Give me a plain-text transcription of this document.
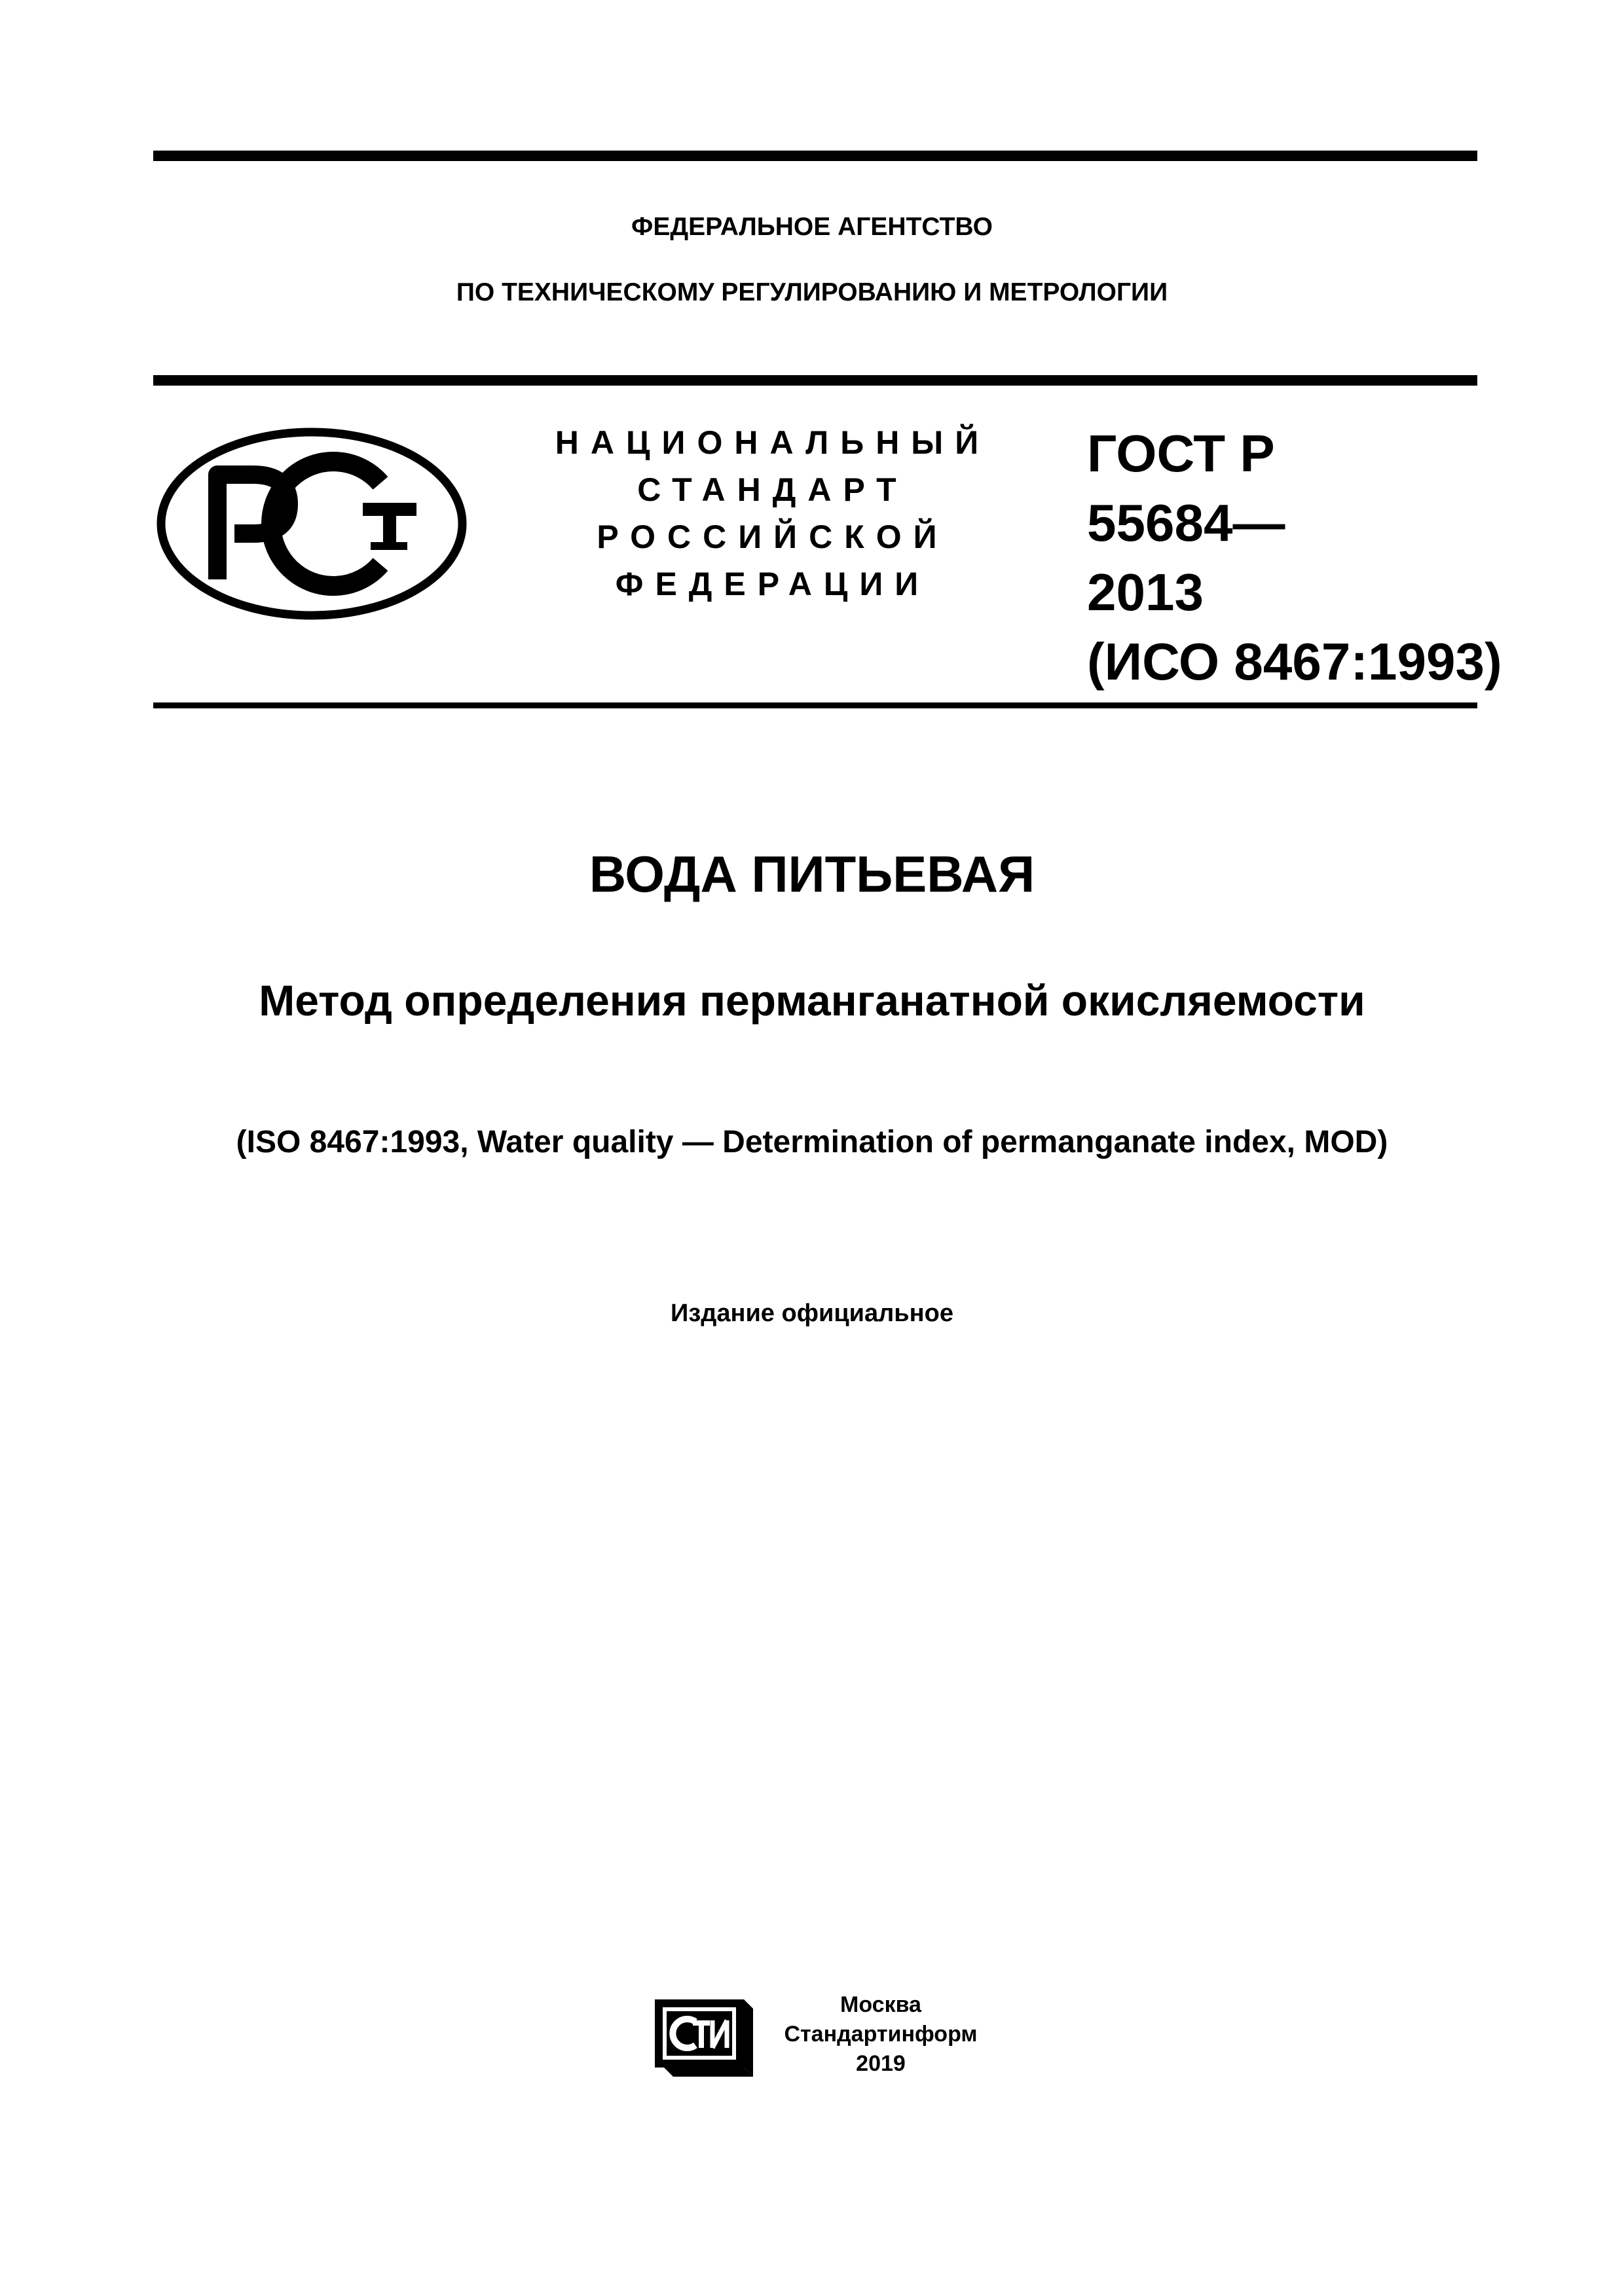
ФЕДЕРАЛЬНОЕ АГЕНТСТВО
ПО ТЕХНИЧЕСКОМУ РЕГУЛИРОВАНИЮ И МЕТРОЛОГИИ
НАЦИОНАЛЬНЫЙ
СТАНДАРТ
РОССИЙСКОЙ
ФЕДЕРАЦИИ
ГОСТ Р
55684—
2013
(ИСО 8467:1993)
ВОДА ПИТЬЕВАЯ
Метод определения перманганатной окисляемости
(ISO 8467:1993, Water quality — Determination of permanganate index, MOD)
Издание официальное
Москва
Стандартинформ
2019
